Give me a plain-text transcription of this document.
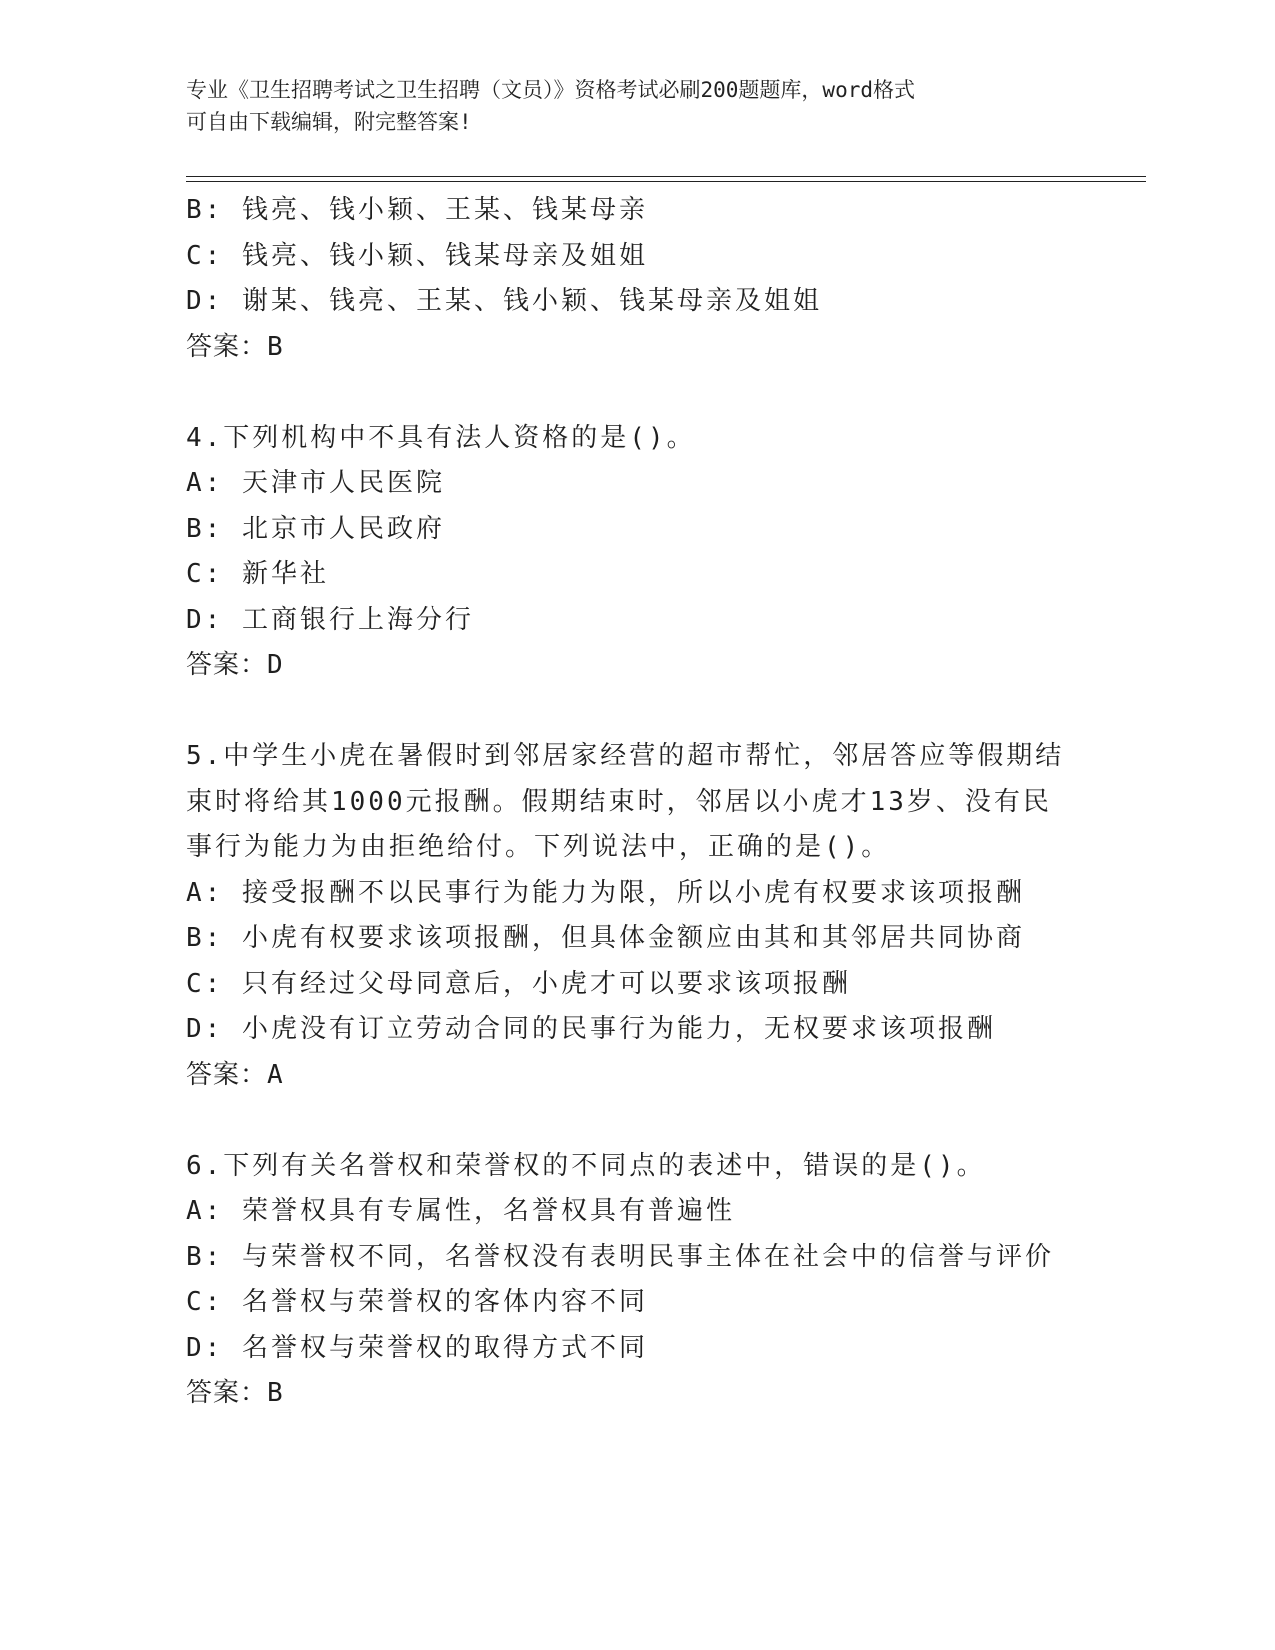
专业《卫生招聘考试之卫生招聘（文员）》资格考试必刷200题题库，word格式
可自由下载编辑，附完整答案!
B: 钱亮、钱小颖、王某、钱某母亲
C: 钱亮、钱小颖、钱某母亲及姐姐
D: 谢某、钱亮、王某、钱小颖、钱某母亲及姐姐
答案：B
4.下列机构中不具有法人资格的是()。
A: 天津市人民医院
B: 北京市人民政府
C: 新华社
D: 工商银行上海分行
答案：D
5.中学生小虎在暑假时到邻居家经营的超市帮忙，邻居答应等假期结
束时将给其1000元报酬。假期结束时，邻居以小虎才13岁、没有民
事行为能力为由拒绝给付。下列说法中，正确的是()。
A: 接受报酬不以民事行为能力为限，所以小虎有权要求该项报酬
B: 小虎有权要求该项报酬，但具体金额应由其和其邻居共同协商
C: 只有经过父母同意后，小虎才可以要求该项报酬
D: 小虎没有订立劳动合同的民事行为能力，无权要求该项报酬
答案：A
6.下列有关名誉权和荣誉权的不同点的表述中，错误的是()。
A: 荣誉权具有专属性，名誉权具有普遍性
B: 与荣誉权不同，名誉权没有表明民事主体在社会中的信誉与评价
C: 名誉权与荣誉权的客体内容不同
D: 名誉权与荣誉权的取得方式不同
答案：B
